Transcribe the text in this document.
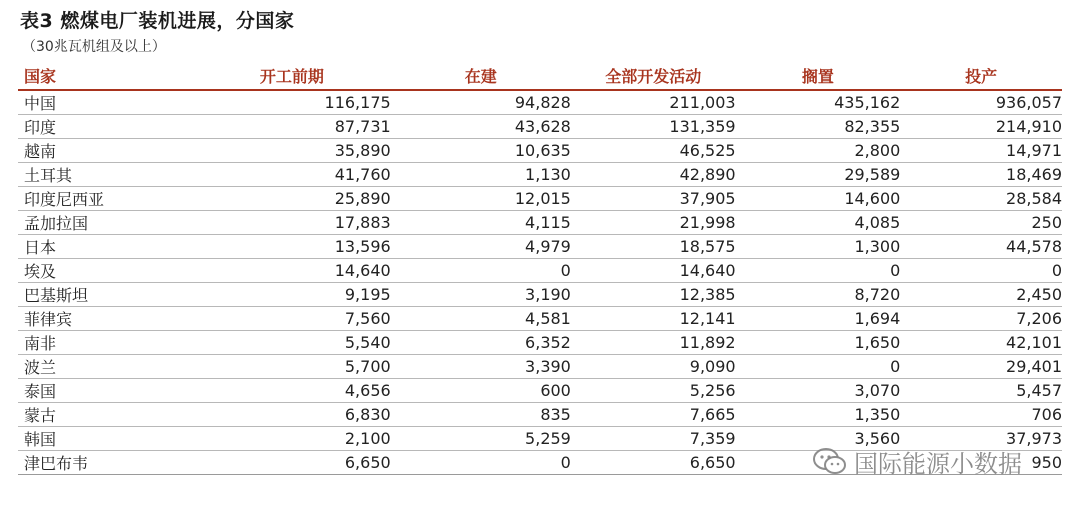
表3 燃煤电厂装机进展，分国家
（30兆瓦机组及以上）
国家	开工前期	在建	全部开发活动	搁置	投产
中国	116,175	94,828	211,003	435,162	936,057
印度	87,731	43,628	131,359	82,355	214,910
越南	35,890	10,635	46,525	2,800	14,971
土耳其	41,760	1,130	42,890	29,589	18,469
印度尼西亚	25,890	12,015	37,905	14,600	28,584
孟加拉国	17,883	4,115	21,998	4,085	250
日本	13,596	4,979	18,575	1,300	44,578
埃及	14,640	0	14,640	0	0
巴基斯坦	9,195	3,190	12,385	8,720	2,450
菲律宾	7,560	4,581	12,141	1,694	7,206
南非	5,540	6,352	11,892	1,650	42,101
波兰	5,700	3,390	9,090	0	29,401
泰国	4,656	600	5,256	3,070	5,457
蒙古	6,830	835	7,665	1,350	706
韩国	2,100	5,259	7,359	3,560	37,973
津巴布韦	6,650	0	6,650		950
国际能源小数据
